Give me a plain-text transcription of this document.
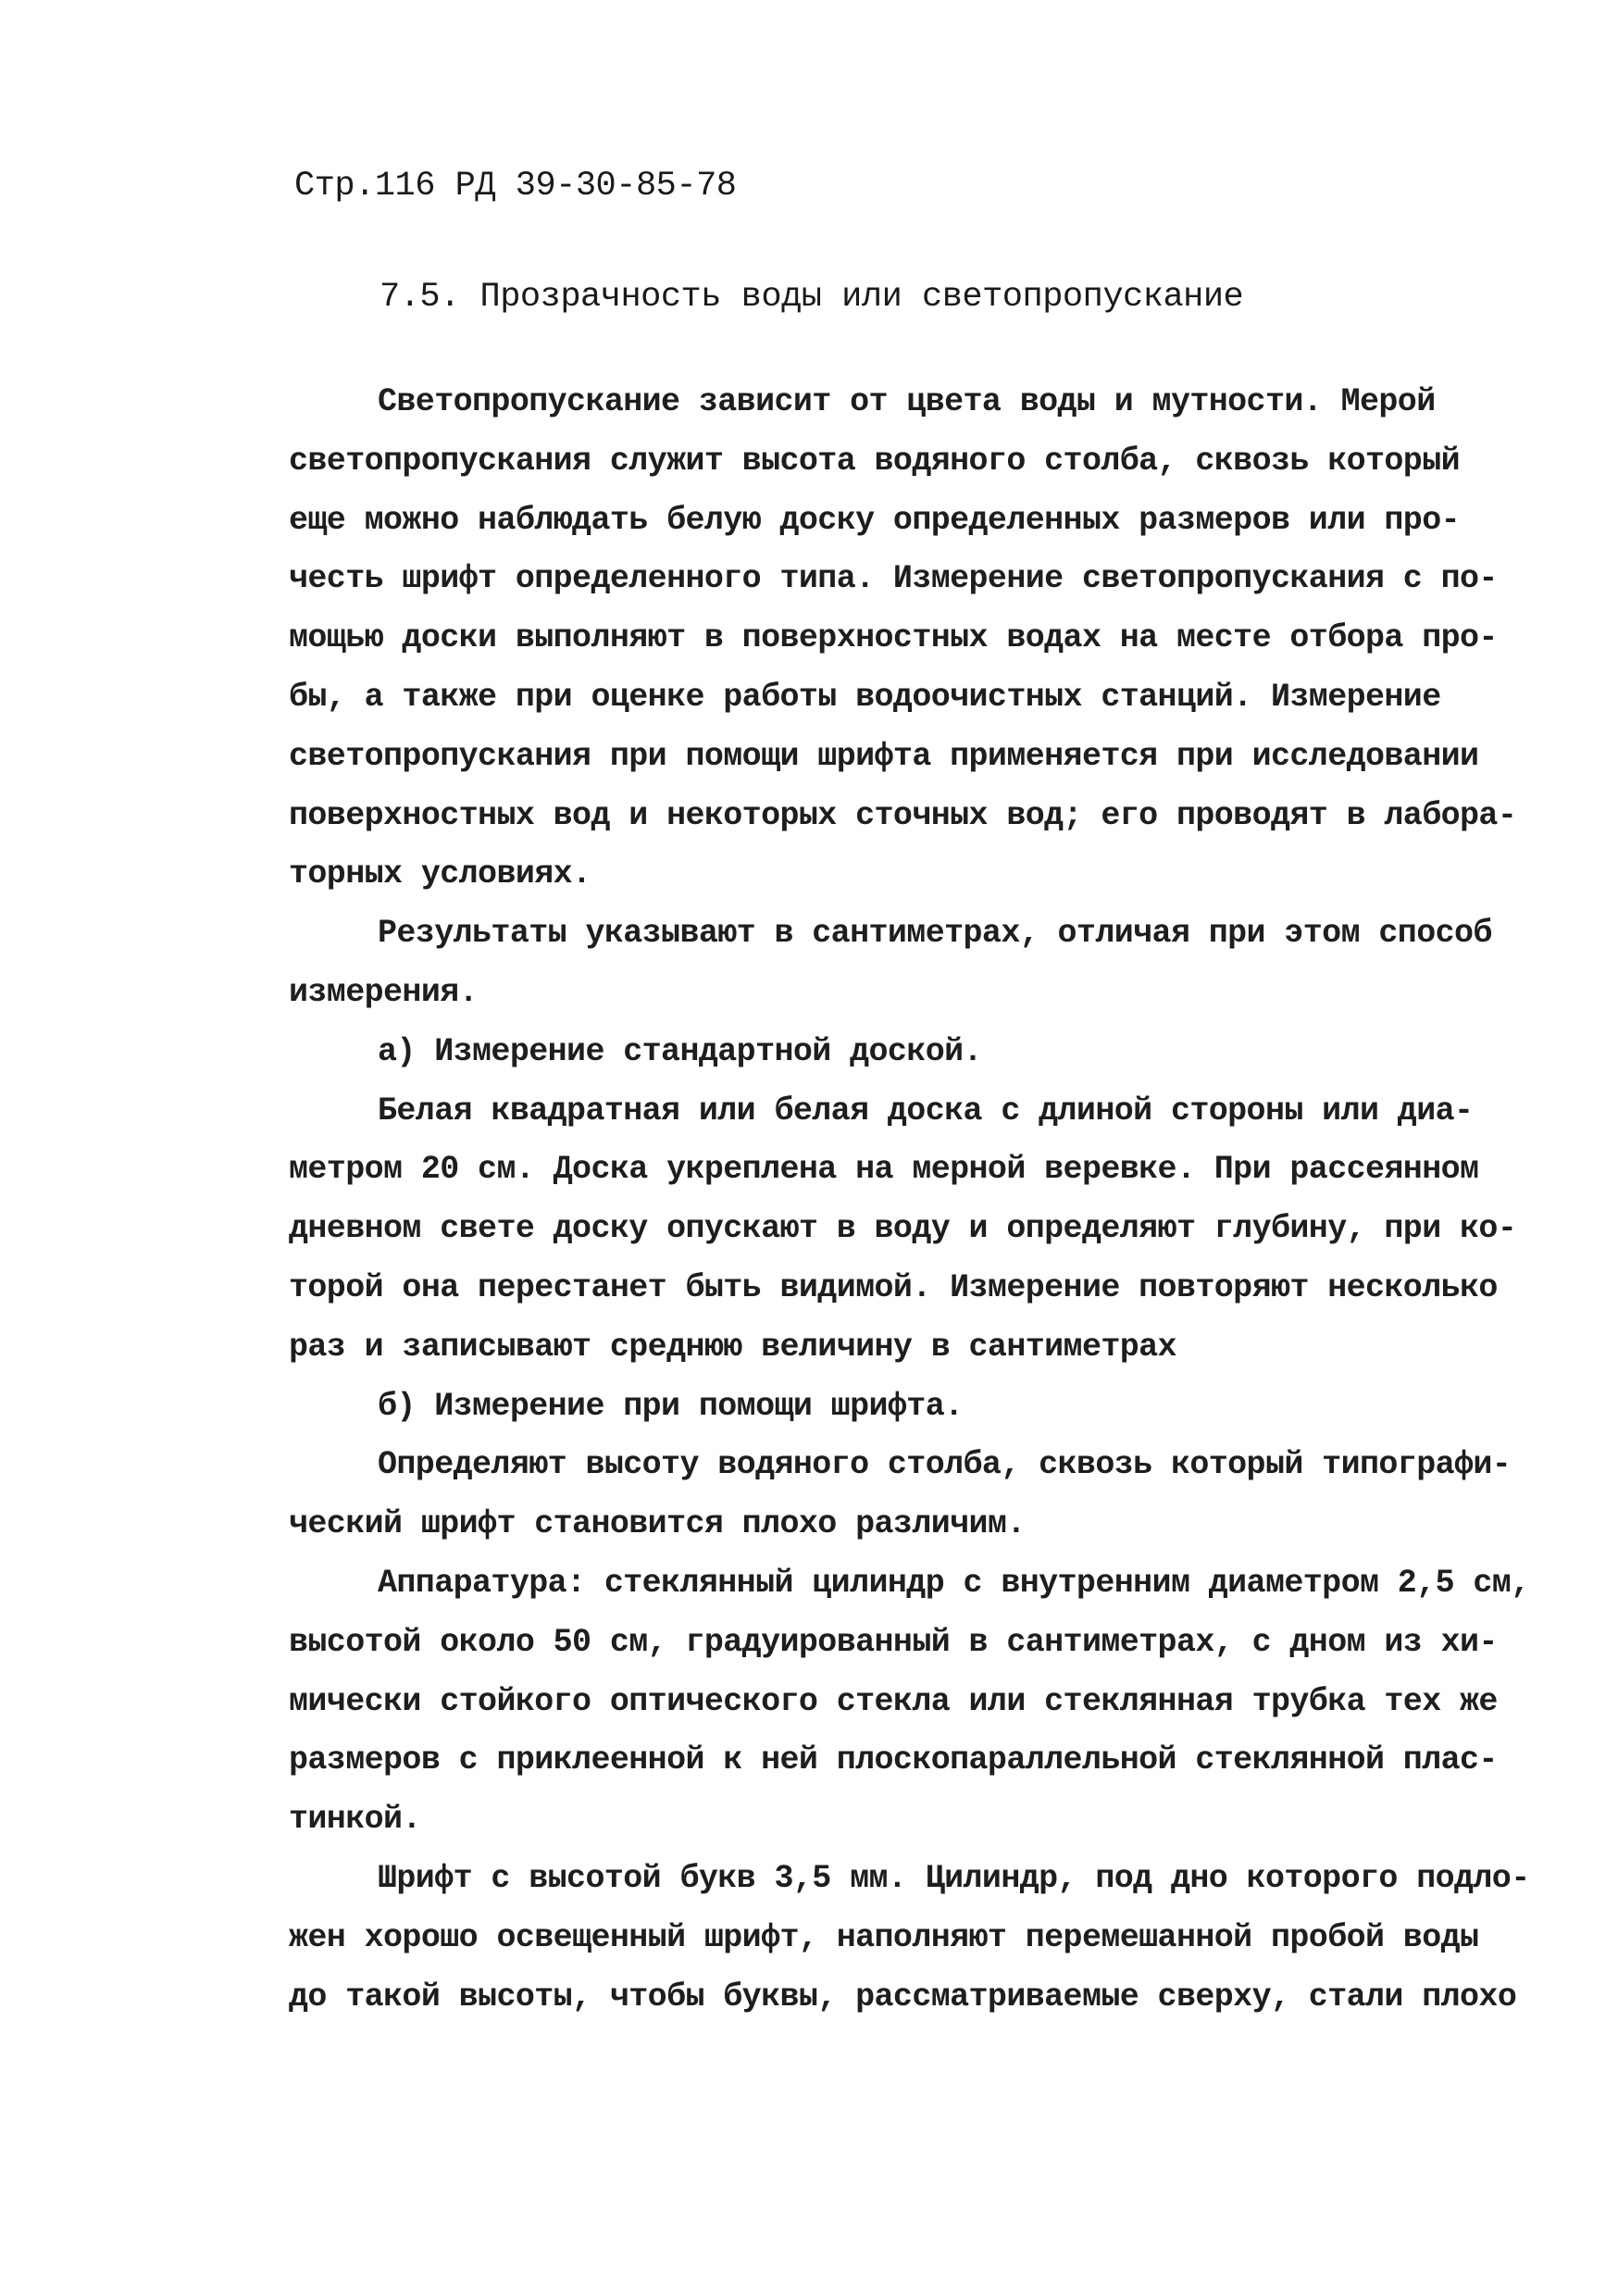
Стр.116 РД 39-30-85-78
7.5. Прозрачность воды или светопропускание
Светопропускание зависит от цвета воды и мутности. Мерой
светопропускания служит высота водяного столба, сквозь который
еще можно наблюдать белую доску определенных размеров или про-
честь шрифт определенного типа. Измерение светопропускания с по-
мощью доски выполняют в поверхностных водах на месте отбора про-
бы, а также при оценке работы водоочистных станций. Измерение
светопропускания при помощи шрифта применяется при исследовании
поверхностных вод и некоторых сточных вод; его проводят в лабора-
торных условиях.
Результаты указывают в сантиметрах, отличая при этом способ
измерения.
а) Измерение стандартной доской.
Белая квадратная или белая доска с длиной стороны или диа-
метром 20 см. Доска укреплена на мерной веревке. При рассеянном
дневном свете доску опускают в воду и определяют глубину, при ко-
торой она перестанет быть видимой. Измерение повторяют несколько
раз и записывают среднюю величину в сантиметрах
б) Измерение при помощи шрифта.
Определяют высоту водяного столба, сквозь который типографи-
ческий шрифт становится плохо различим.
Аппаратура: стеклянный цилиндр с внутренним диаметром 2,5 см,
высотой около 50 см, градуированный в сантиметрах, с дном из хи-
мически стойкого оптического стекла или стеклянная трубка тех же
размеров с приклеенной к ней плоскопараллельной стеклянной плас-
тинкой.
Шрифт с высотой букв 3,5 мм. Цилиндр, под дно которого подло-
жен хорошо освещенный шрифт, наполняют перемешанной пробой воды
до такой высоты, чтобы буквы, рассматриваемые сверху, стали плохо
